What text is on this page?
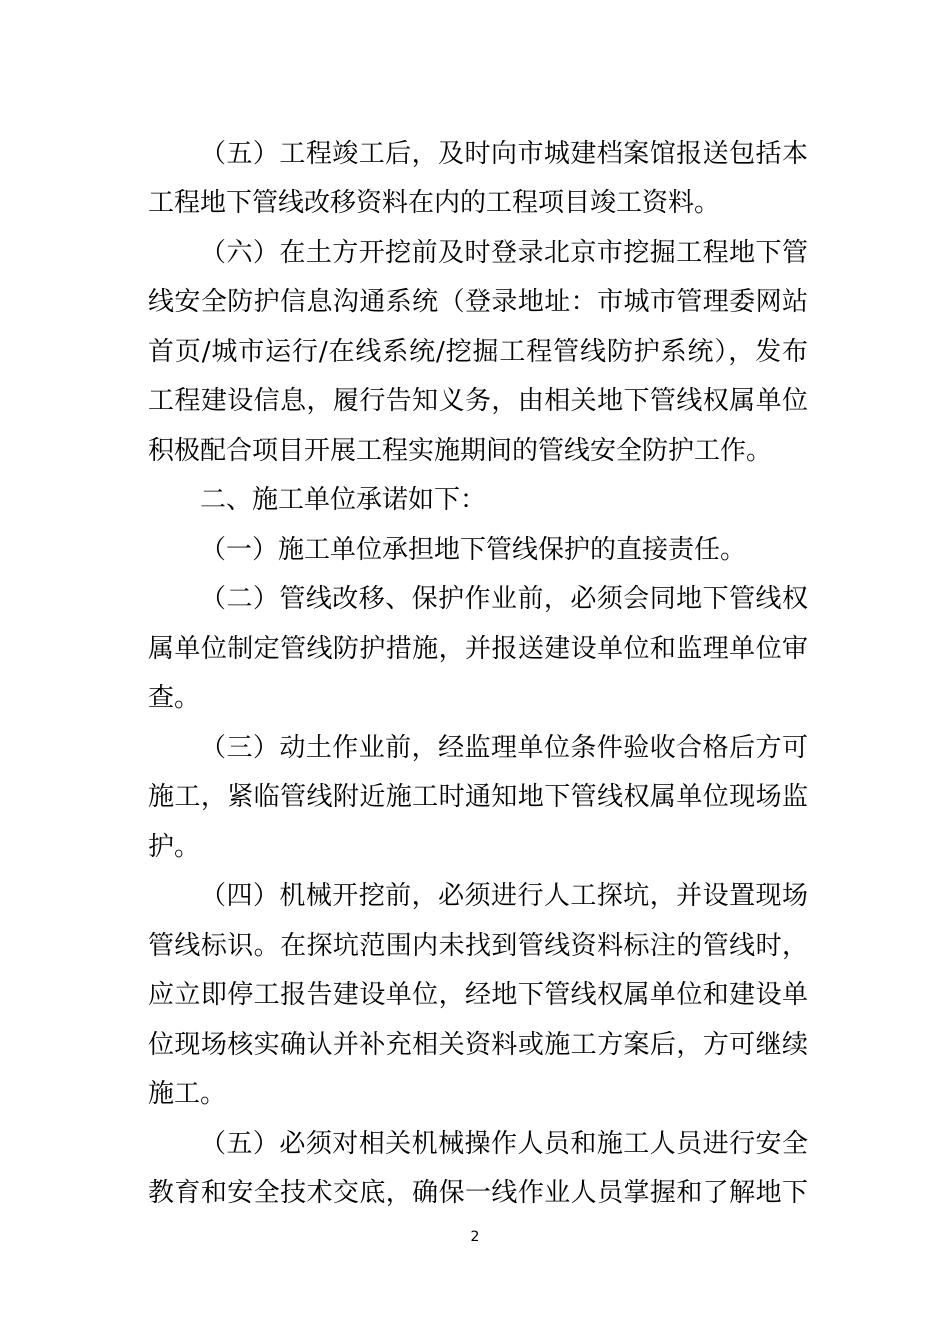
（五）工程竣工后，及时向市城建档案馆报送包括本
工程地下管线改移资料在内的工程项目竣工资料。
（六）在土方开挖前及时登录北京市挖掘工程地下管
线安全防护信息沟通系统（登录地址：市城市管理委网站
首页/城市运行/在线系统/挖掘工程管线防护系统），发布
工程建设信息，履行告知义务，由相关地下管线权属单位
积极配合项目开展工程实施期间的管线安全防护工作。
二、施工单位承诺如下：
（一）施工单位承担地下管线保护的直接责任。
（二）管线改移、保护作业前，必须会同地下管线权
属单位制定管线防护措施，并报送建设单位和监理单位审
查。
（三）动土作业前，经监理单位条件验收合格后方可
施工，紧临管线附近施工时通知地下管线权属单位现场监
护。
（四）机械开挖前，必须进行人工探坑，并设置现场
管线标识。在探坑范围内未找到管线资料标注的管线时，
应立即停工报告建设单位，经地下管线权属单位和建设单
位现场核实确认并补充相关资料或施工方案后，方可继续
施工。
（五）必须对相关机械操作人员和施工人员进行安全
教育和安全技术交底，确保一线作业人员掌握和了解地下
2
